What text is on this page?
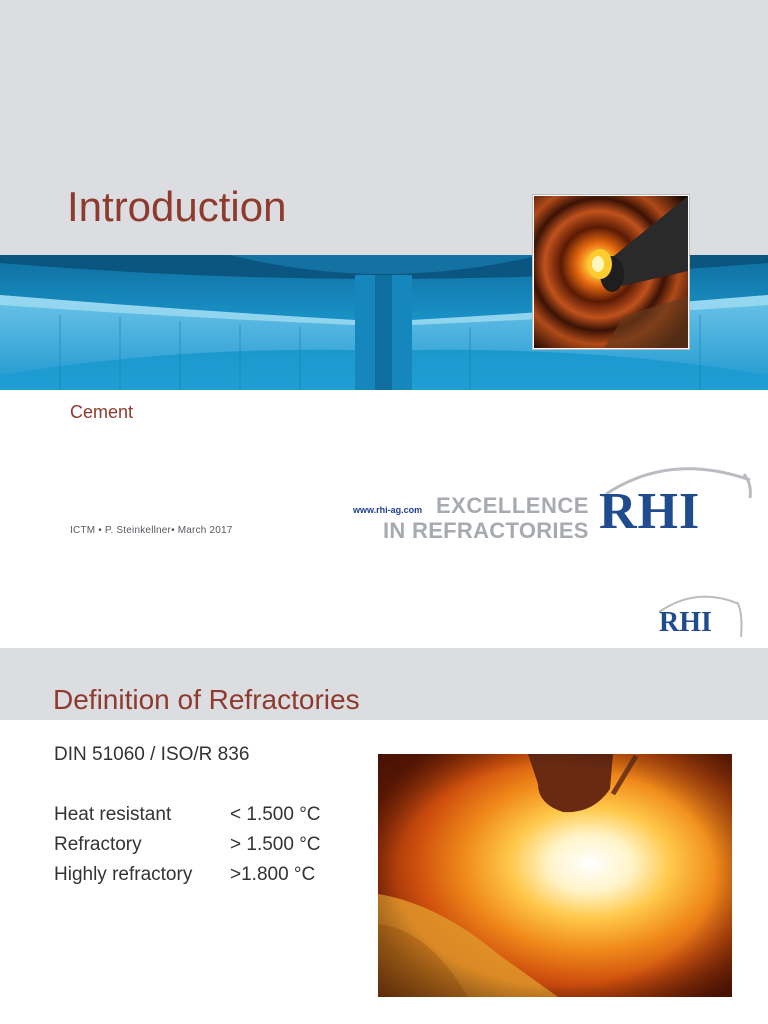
Introduction
Cement
ICTM • P. Steinkellner• March 2017
www.rhi-ag.com EXCELLENCE
IN REFRACTORIES RHI
RHI
Definition of Refractories
DIN 51060 / ISO/R 836
Heat resistant	< 1.500 °C
Refractory	> 1.500 °C
Highly refractory >1.800 °C
